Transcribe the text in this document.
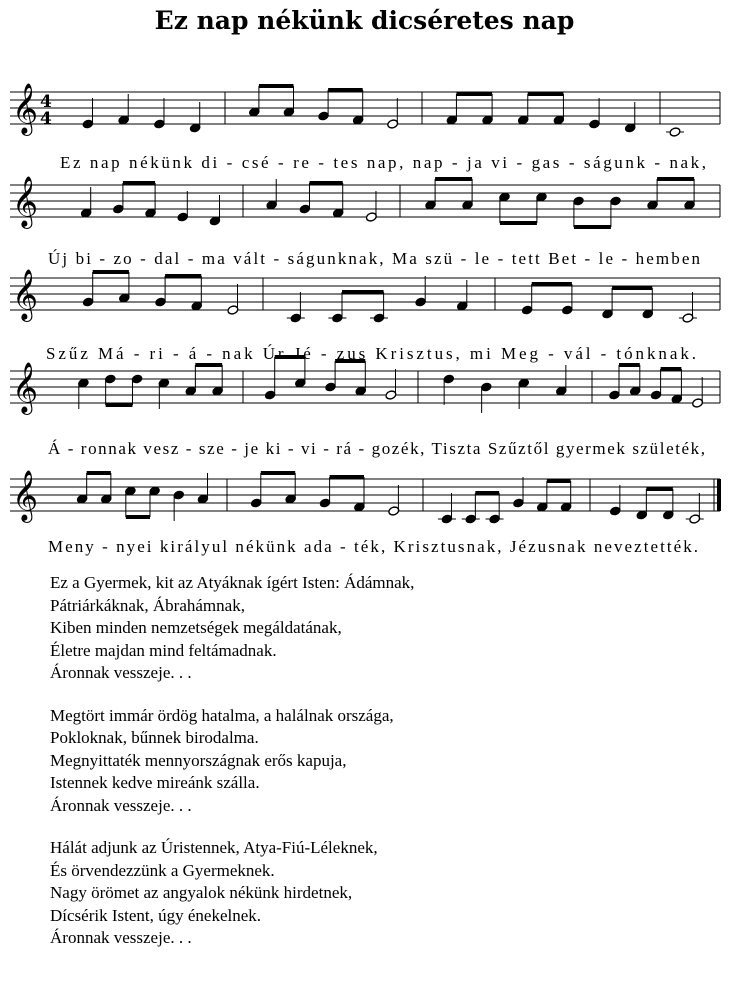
Ez nap nékünk dicséretes nap
𝄞 4
4
𝄞
𝄞
𝄞
𝄞
Ez nap nékünk di - csé - re - tes nap, nap - ja vi - gas - ságunk - nak,
Új bi - zo - dal - ma vált - ságunknak, Ma szü - le - tett Bet - le - hemben
Szűz Má - ri - á - nak Úr Jé - zus Krisztus, mi Meg - vál - tónknak.
Á - ronnak vesz - sze - je ki - vi - rá - gozék, Tiszta Szűztől gyermek születék,
Meny - nyei királyul nékünk ada - ték, Krisztusnak, Jézusnak neveztették.
Ez a Gyermek, kit az Atyáknak ígért Isten: Ádámnak,
Pátriárkáknak, Ábrahámnak,
Kiben minden nemzetségek megáldatának,
Életre majdan mind feltámadnak.
Áronnak vesszeje. . .
Megtört immár ördög hatalma, a halálnak országa,
Pokloknak, bűnnek birodalma.
Megnyittaték mennyországnak erős kapuja,
Istennek kedve mireánk szálla.
Áronnak vesszeje. . .
Hálát adjunk az Úristennek, Atya-Fiú-Léleknek,
És örvendezzünk a Gyermeknek.
Nagy örömet az angyalok nékünk hirdetnek,
Dícsérik Istent, úgy énekelnek.
Áronnak vesszeje. . .
